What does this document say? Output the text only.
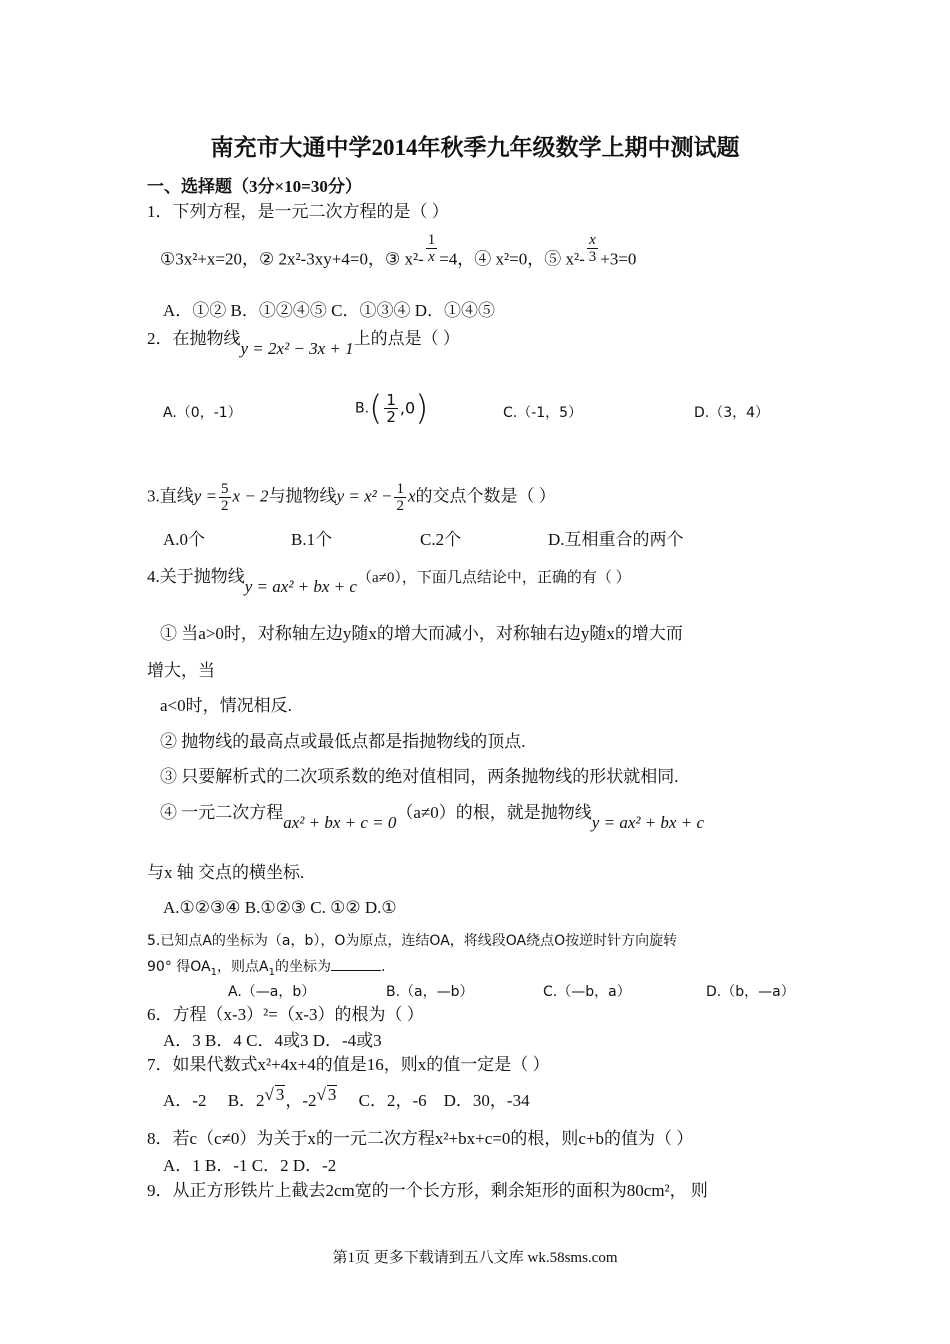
南充市大通中学2014年秋季九年级数学上期中测试题
一、选择题（3分×10=30分）
1．下列方程，是一元二次方程的是（ ）
①3x²+x=20，② 2x²-3xy+4=0，③ $x^2- \frac{1}{x} =4$，④ x²=0，⑤ $x^2- \frac{x}{3} +3=0$
A．①② B．①②④⑤ C．①③④ D．①④⑤
2．在抛物线y = 2x² − 3x + 1上的点是（ ）
A.（0，-1）	$B.( \frac{1}{2} ,0)$	C.（-1，5）	D.（3，4）
3.直线$y = \frac{5}{2}$ x − 2与抛物线$y = x^2 - \frac{1}{2}$ x的交点个数是（ ）
A.0个	B.1个	C.2个	D.互相重合的两个
4.关于抛物线y = ax² + bx + c（a≠0），下面几点结论中，正确的有（ ）
① 当a>0时，对称轴左边y随x的增大而减小，对称轴右边y随x的增大而
增大，当
a<0时，情况相反.
② 抛物线的最高点或最低点都是指抛物线的顶点.
③ 只要解析式的二次项系数的绝对值相同，两条抛物线的形状就相同.
④ 一元二次方程ax² + bx + c = 0（a≠0）的根，就是抛物线y = ax² + bx + c
与x 轴 交点的横坐标.
A.①②③④ B.①②③ C. ①② D.①
5.已知点A的坐标为（a，b），O为原点，连结OA，将线段OA绕点O按逆时针方向旋转
90° 得$OA_1$，则点$A_1$的坐标为	.
A.（—a，b）	B.（a，—b）	C.（—b，a）	D.（b，—a）
6．方程（x-3）²=（x-3）的根为（ ）
A．3 B．4 C．4或3 D．-4或3
7．如果代数式x²+4x+4的值是16，则x的值一定是（ ）
A．-2 B．2√ 3，-2√ 3 C．2，-6 D．30，-34
8．若c（c≠0）为关于x的一元二次方程x²+bx+c=0的根，则c+b的值为（ ）
A．1 B．-1 C．2 D．-2
9．从正方形铁片上截去2cm宽的一个长方形，剩余矩形的面积为80cm²， 则
第1页 更多下载请到五八文库 wk.58sms.com
